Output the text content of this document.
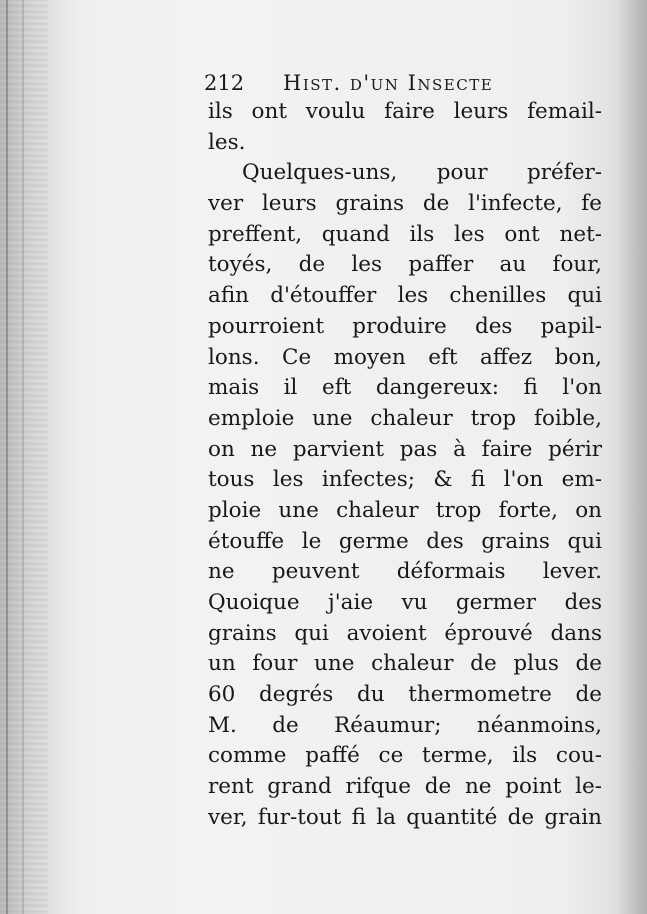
212 Hist. d'un Insecte
ils ont voulu faire leurs femail-
les.
Quelques-uns, pour préfer-
ver leurs grains de l'infecte, fe
preffent, quand ils les ont net-
toyés, de les paffer au four,
afin d'étouffer les chenilles qui
pourroient produire des papil-
lons. Ce moyen eft affez bon,
mais il eft dangereux: fi l'on
emploie une chaleur trop foible,
on ne parvient pas à faire périr
tous les infectes; & fi l'on em-
ploie une chaleur trop forte, on
étouffe le germe des grains qui
ne peuvent déformais lever.
Quoique j'aie vu germer des
grains qui avoient éprouvé dans
un four une chaleur de plus de
60 degrés du thermometre de
M. de Réaumur; néanmoins,
comme paffé ce terme, ils cou-
rent grand rifque de ne point le-
ver, fur-tout fi la quantité de grain
